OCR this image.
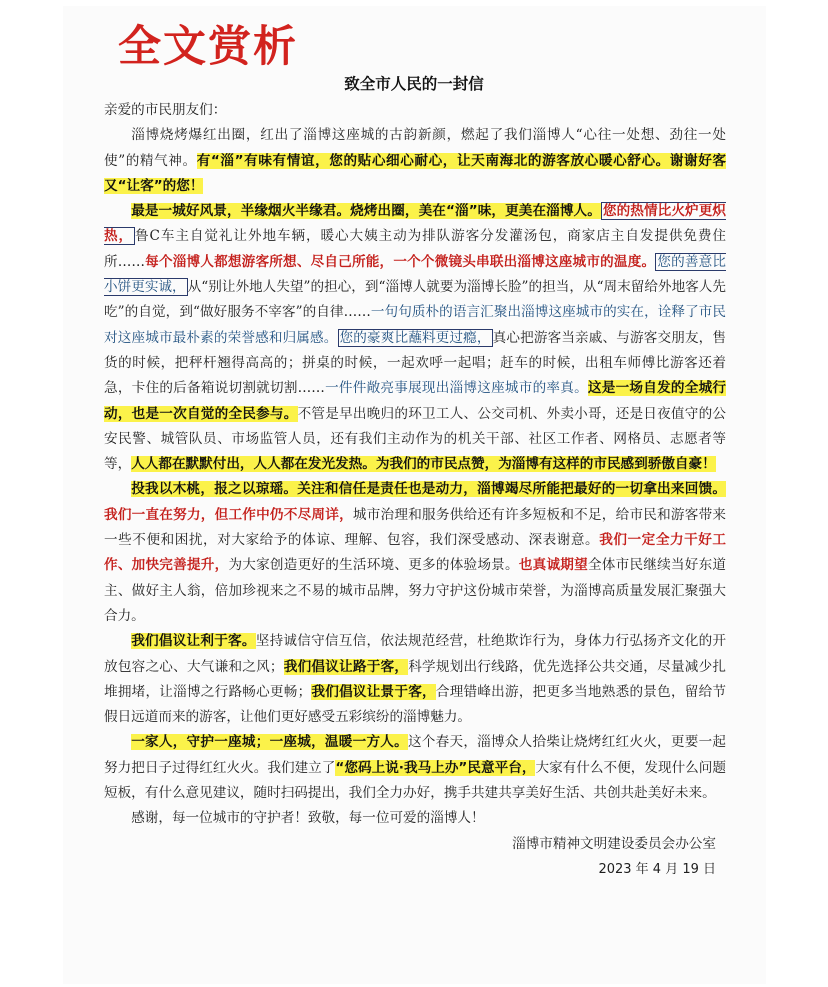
全文赏析
致全市人民的一封信

亲爱的市民朋友们：

淄博烧烤爆红出圈，红出了淄博这座城的古韵新颜，燃起了我们淄博人“心往一处想、劲往一处使”的精气神。有“淄”有味有情谊，您的贴心细心耐心，让天南海北的游客放心暖心舒心。谢谢好客又“让客”的您！

最是一城好风景，半缘烟火半缘君。烧烤出圈，美在“淄”味，更美在淄博人。 您的热情比火炉更炽热， 鲁C车主自觉礼让外地车辆，暖心大姨主动为排队游客分发灌汤包，商家店主自发提供免费住所……每个淄博人都想游客所想、尽自己所能，一个个微镜头串联出淄博这座城市的温度。 您的善意比小饼更实诚， 从“别让外地人失望”的担心，到“淄博人就要为淄博长脸”的担当，从“周末留给外地客人先吃”的自觉，到“做好服务不宰客”的自律……一句句质朴的语言汇聚出淄博这座城市的实在，诠释了市民对这座城市最朴素的荣誉感和归属感。 您的豪爽比蘸料更过瘾， 真心把游客当亲戚、与游客交朋友，售货的时候，把秤杆翘得高高的；拼桌的时候，一起欢呼一起唱；赶车的时候，出租车师傅比游客还着急，卡住的后备箱说切割就切割……一件件敞亮事展现出淄博这座城市的率真。这是一场自发的全城行动，也是一次自觉的全民参与。不管是早出晚归的环卫工人、公交司机、外卖小哥，还是日夜值守的公安民警、城管队员、市场监管人员，还有我们主动作为的机关干部、社区工作者、网格员、志愿者等等，人人都在默默付出，人人都在发光发热。为我们的市民点赞，为淄博有这样的市民感到骄傲自豪！

投我以木桃，报之以琼瑶。关注和信任是责任也是动力，淄博竭尽所能把最好的一切拿出来回馈。我们一直在努力，但工作中仍不尽周详，城市治理和服务供给还有许多短板和不足，给市民和游客带来一些不便和困扰，对大家给予的体谅、理解、包容，我们深受感动、深表谢意。我们一定全力干好工作、加快完善提升，为大家创造更好的生活环境、更多的体验场景。也真诚期望全体市民继续当好东道主、做好主人翁，倍加珍视来之不易的城市品牌，努力守护这份城市荣誉，为淄博高质量发展汇聚强大合力。

我们倡议让利于客。坚持诚信守信互信，依法规范经营，杜绝欺诈行为，身体力行弘扬齐文化的开放包容之心、大气谦和之风；我们倡议让路于客，科学规划出行线路，优先选择公共交通，尽量减少扎堆拥堵，让淄博之行路畅心更畅；我们倡议让景于客，合理错峰出游，把更多当地熟悉的景色，留给节假日远道而来的游客，让他们更好感受五彩缤纷的淄博魅力。

一家人，守护一座城；一座城，温暖一方人。这个春天，淄博众人拾柴让烧烤红红火火，更要一起努力把日子过得红红火火。我们建立了“您码上说·我马上办”民意平台，大家有什么不便，发现什么问题短板，有什么意见建议，随时扫码提出，我们全力办好，携手共建共享美好生活、共创共赴美好未来。

感谢，每一位城市的守护者！致敬，每一位可爱的淄博人！

淄博市精神文明建设委员会办公室

2023 年 4 月 19 日
